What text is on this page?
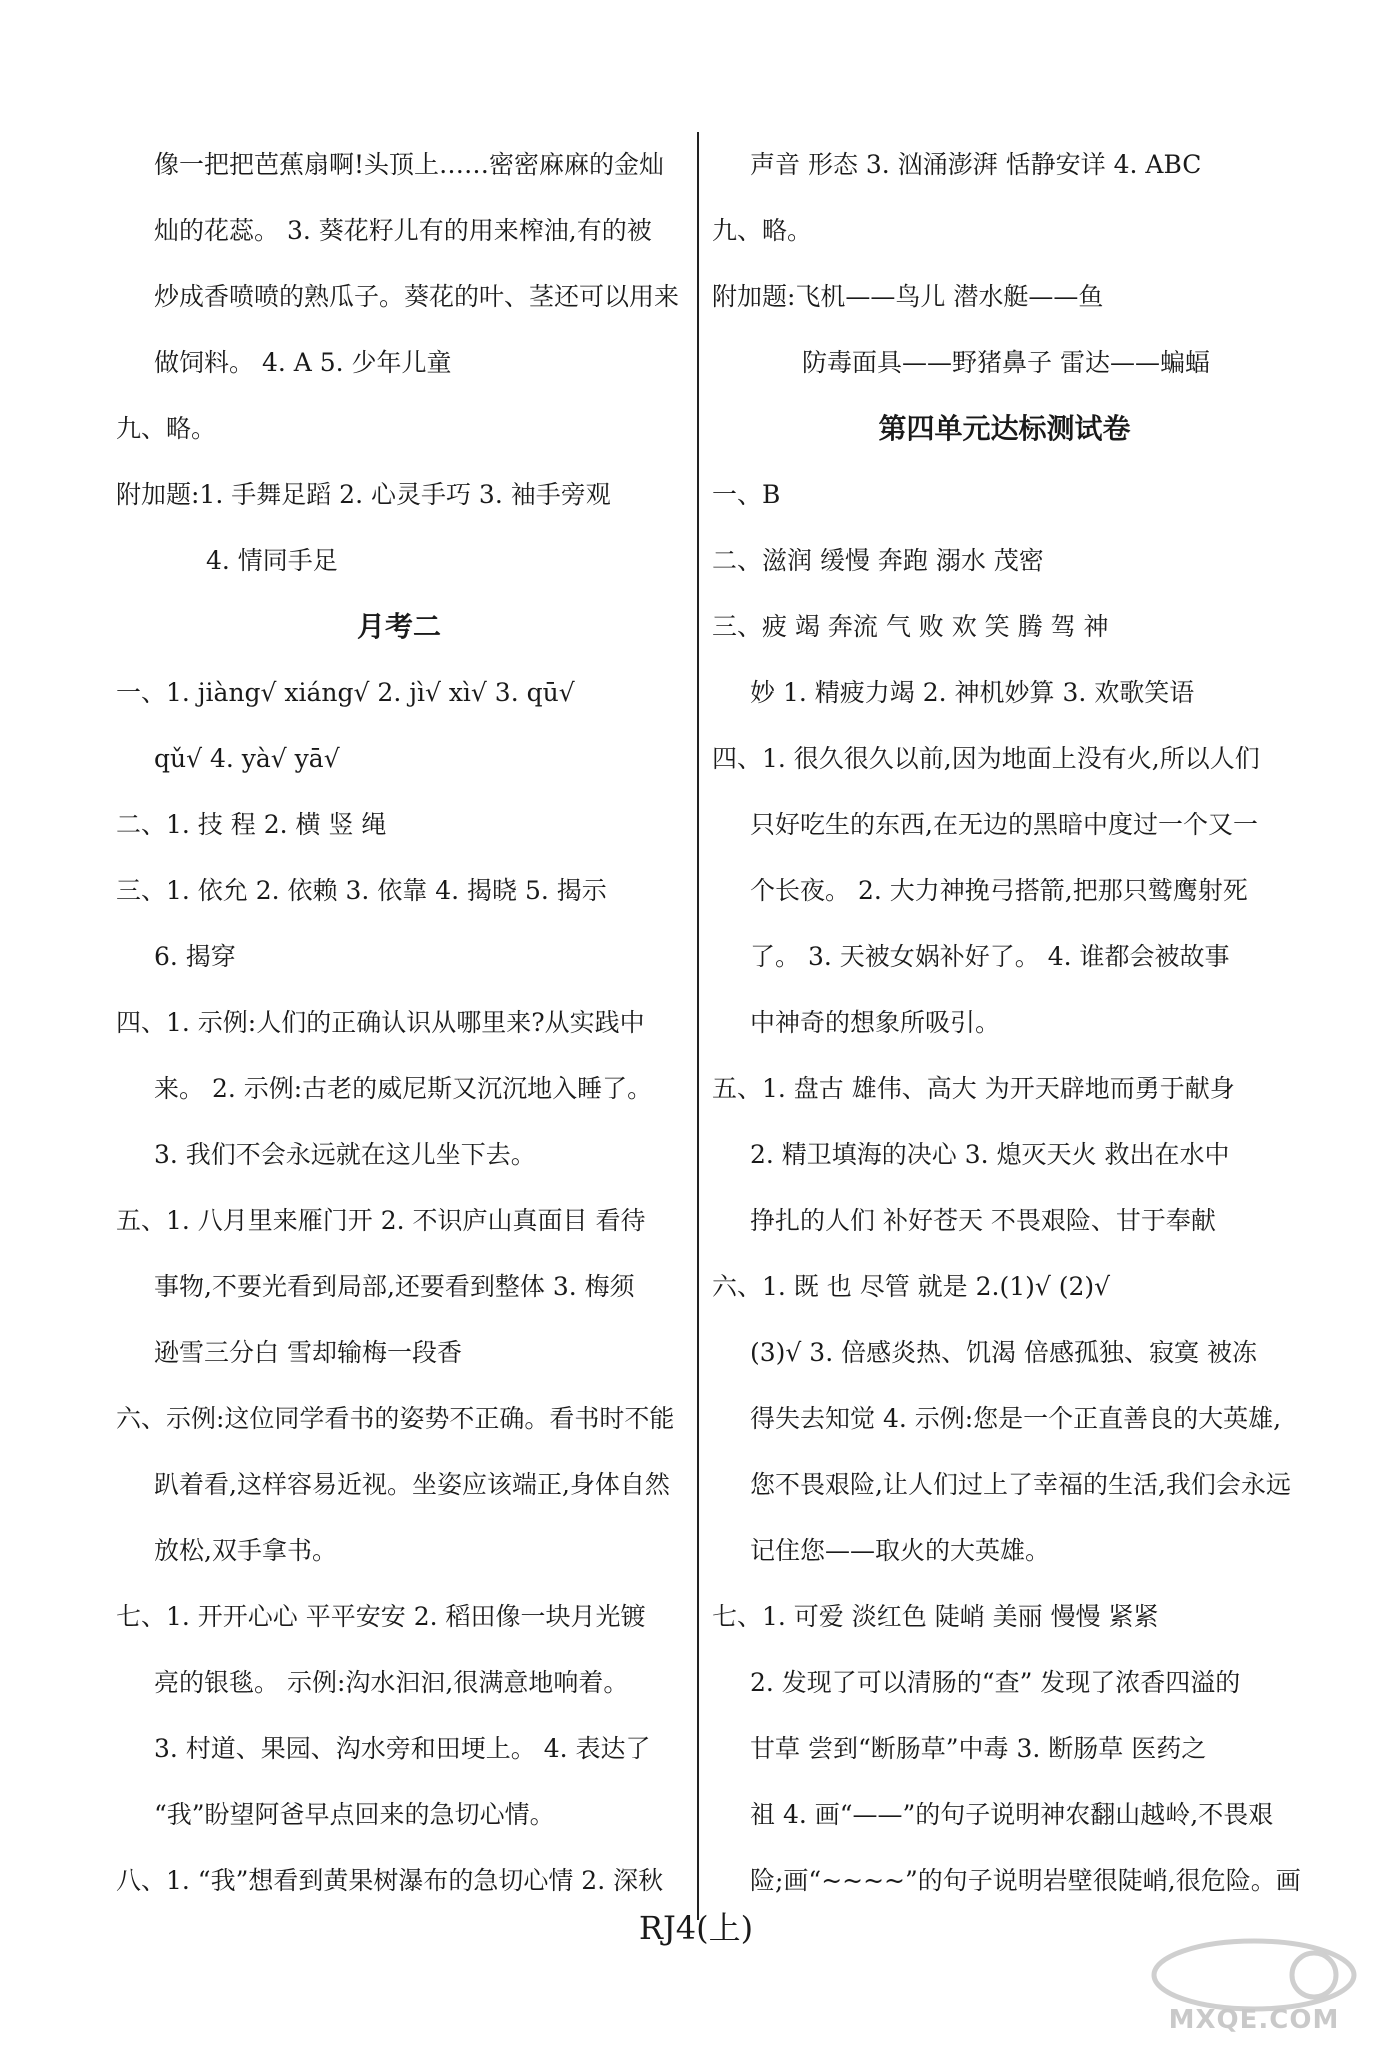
像一把把芭蕉扇啊!头顶上……密密麻麻的金灿
灿的花蕊。 3. 葵花籽儿有的用来榨油,有的被
炒成香喷喷的熟瓜子。葵花的叶、茎还可以用来
做饲料。 4. A 5. 少年儿童
九、略。
附加题:1. 手舞足蹈 2. 心灵手巧 3. 袖手旁观
4. 情同手足
月考二
一、1. jiàng√ xiáng√ 2. jì√ xì√ 3. qū√
qǔ√ 4. yà√ yā√
二、1. 技 程 2. 横 竖 绳
三、1. 依允 2. 依赖 3. 依靠 4. 揭晓 5. 揭示
6. 揭穿
四、1. 示例:人们的正确认识从哪里来?从实践中
来。 2. 示例:古老的威尼斯又沉沉地入睡了。
3. 我们不会永远就在这儿坐下去。
五、1. 八月里来雁门开 2. 不识庐山真面目 看待
事物,不要光看到局部,还要看到整体 3. 梅须
逊雪三分白 雪却输梅一段香
六、示例:这位同学看书的姿势不正确。看书时不能
趴着看,这样容易近视。坐姿应该端正,身体自然
放松,双手拿书。
七、1. 开开心心 平平安安 2. 稻田像一块月光镀
亮的银毯。 示例:沟水汩汩,很满意地响着。
3. 村道、果园、沟水旁和田埂上。 4. 表达了
“我”盼望阿爸早点回来的急切心情。
八、1. “我”想看到黄果树瀑布的急切心情 2. 深秋
声音 形态 3. 汹涌澎湃 恬静安详 4. ABC
九、略。
附加题:飞机——鸟儿 潜水艇——鱼
防毒面具——野猪鼻子 雷达——蝙蝠
第四单元达标测试卷
一、B
二、滋润 缓慢 奔跑 溺水 茂密
三、疲 竭 奔流 气 败 欢 笑 腾 驾 神
妙 1. 精疲力竭 2. 神机妙算 3. 欢歌笑语
四、1. 很久很久以前,因为地面上没有火,所以人们
只好吃生的东西,在无边的黑暗中度过一个又一
个长夜。 2. 大力神挽弓搭箭,把那只鹫鹰射死
了。 3. 天被女娲补好了。 4. 谁都会被故事
中神奇的想象所吸引。
五、1. 盘古 雄伟、高大 为开天辟地而勇于献身
2. 精卫填海的决心 3. 熄灭天火 救出在水中
挣扎的人们 补好苍天 不畏艰险、甘于奉献
六、1. 既 也 尽管 就是 2.(1)√ (2)√
(3)√ 3. 倍感炎热、饥渴 倍感孤独、寂寞 被冻
得失去知觉 4. 示例:您是一个正直善良的大英雄,
您不畏艰险,让人们过上了幸福的生活,我们会永远
记住您——取火的大英雄。
七、1. 可爱 淡红色 陡峭 美丽 慢慢 紧紧
2. 发现了可以清肠的“查” 发现了浓香四溢的
甘草 尝到“断肠草”中毒 3. 断肠草 医药之
祖 4. 画“——”的句子说明神农翻山越岭,不畏艰
险;画“~~~~”的句子说明岩壁很陡峭,很危险。画
RJ4(上)
MXQE.COM
